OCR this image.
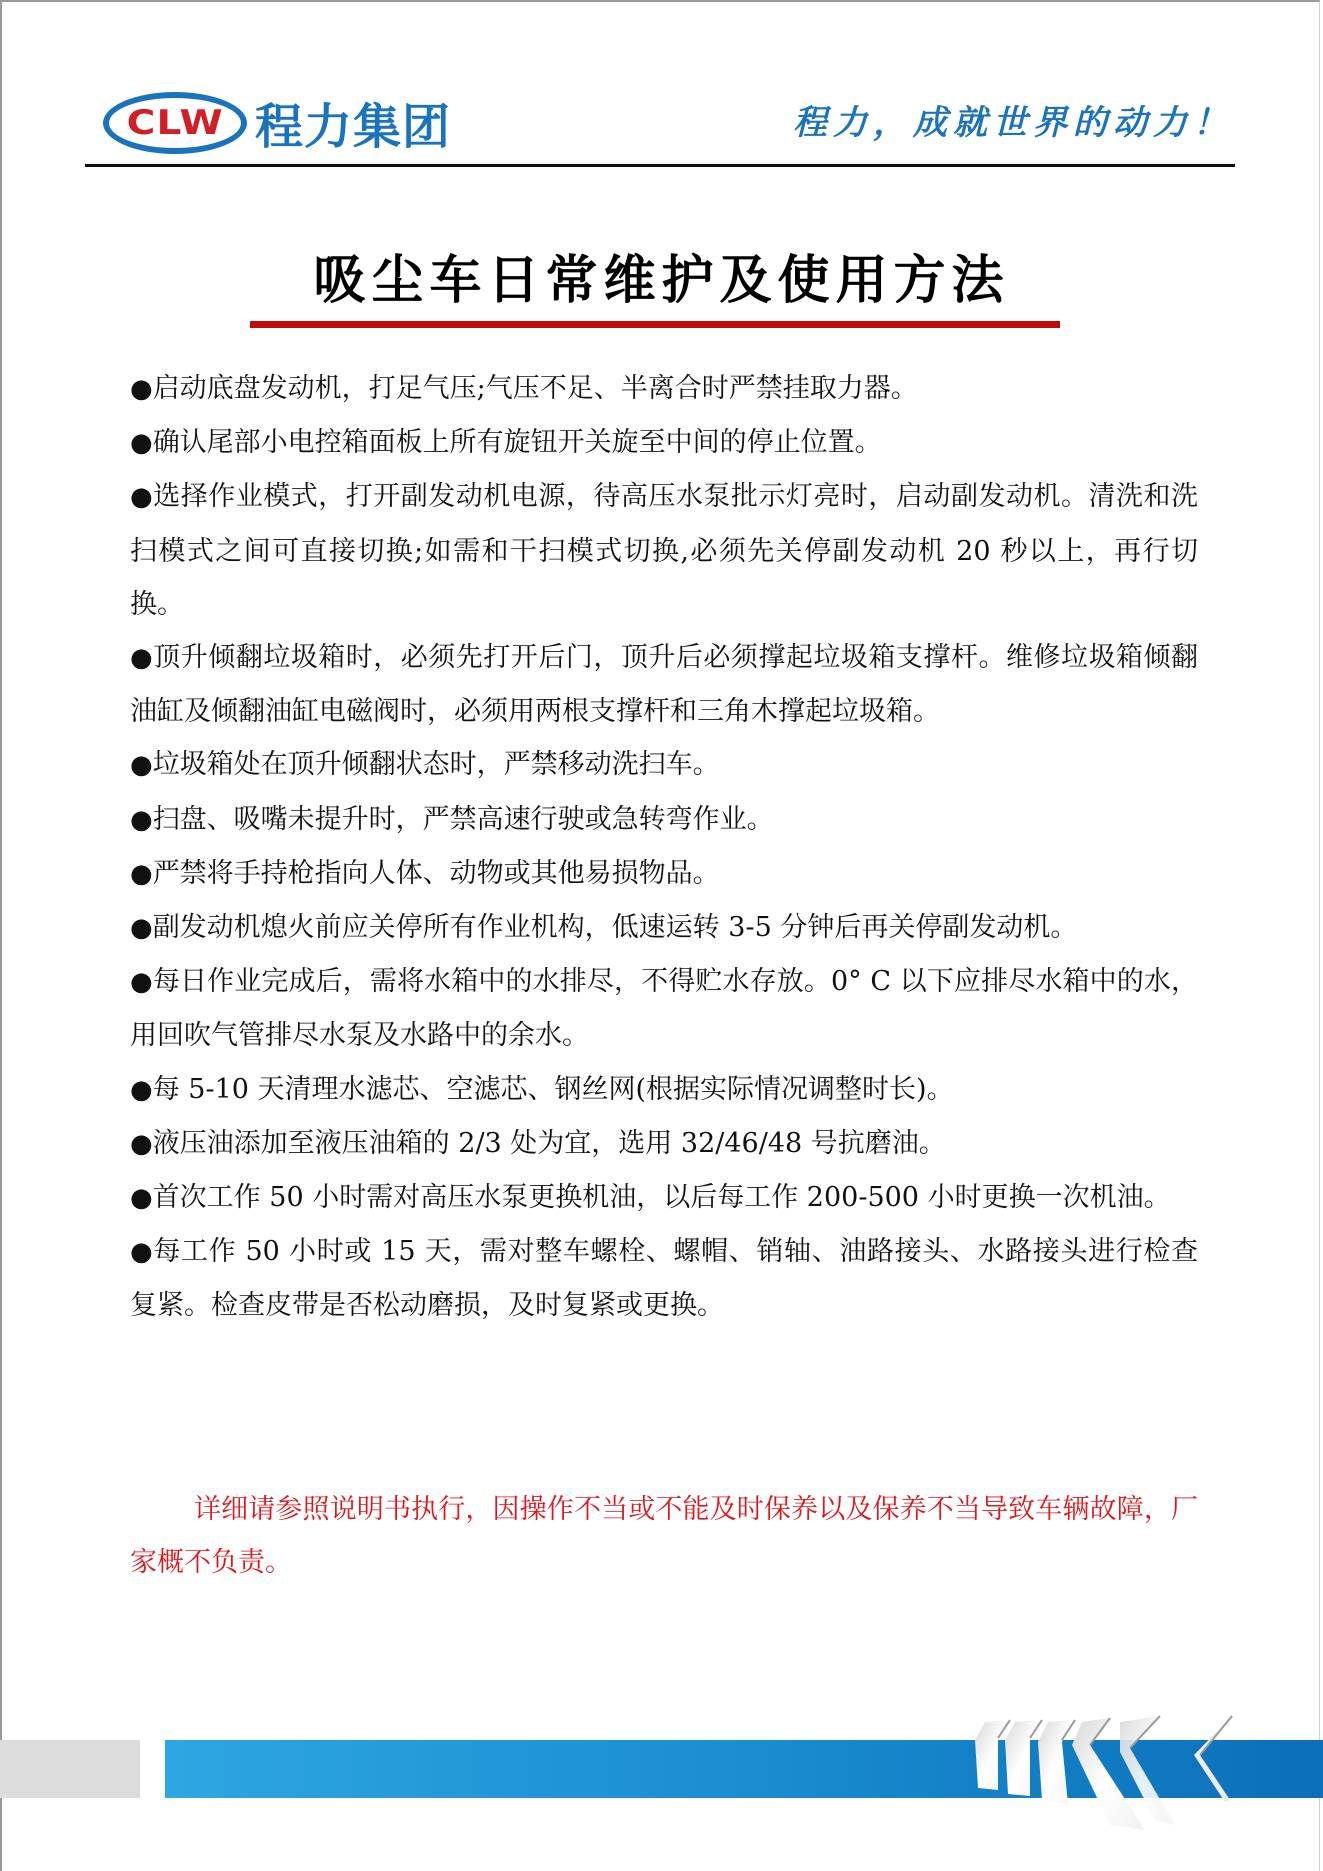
CLW 程力集团	程力，成就世界的动力！
吸尘车日常维护及使用方法

●启动底盘发动机，打足气压;气压不足、半离合时严禁挂取力器。

●确认尾部小电控箱面板上所有旋钮开关旋至中间的停止位置。

●选择作业模式，打开副发动机电源，待高压水泵批示灯亮时，启动副发动机。清洗和洗扫模式之间可直接切换;如需和干扫模式切换,必须先关停副发动机 20 秒以上，再行切换。

●顶升倾翻垃圾箱时，必须先打开后门，顶升后必须撑起垃圾箱支撑杆。维修垃圾箱倾翻油缸及倾翻油缸电磁阀时，必须用两根支撑杆和三角木撑起垃圾箱。

●垃圾箱处在顶升倾翻状态时，严禁移动洗扫车。

●扫盘、吸嘴未提升时，严禁高速行驶或急转弯作业。

●严禁将手持枪指向人体、动物或其他易损物品。

●副发动机熄火前应关停所有作业机构，低速运转 3-5 分钟后再关停副发动机。

●每日作业完成后，需将水箱中的水排尽，不得贮水存放。0° C 以下应排尽水箱中的水，用回吹气管排尽水泵及水路中的余水。

●每 5-10 天清理水滤芯、空滤芯、钢丝网(根据实际情况调整时长)。

●液压油添加至液压油箱的 2/3 处为宜，选用 32/46/48 号抗磨油。

●首次工作 50 小时需对高压水泵更换机油，以后每工作 200-500 小时更换一次机油。

●每工作 50 小时或 15 天，需对整车螺栓、螺帽、销轴、油路接头、水路接头进行检查复紧。检查皮带是否松动磨损，及时复紧或更换。

详细请参照说明书执行，因操作不当或不能及时保养以及保养不当导致车辆故障，厂家概不负责。
